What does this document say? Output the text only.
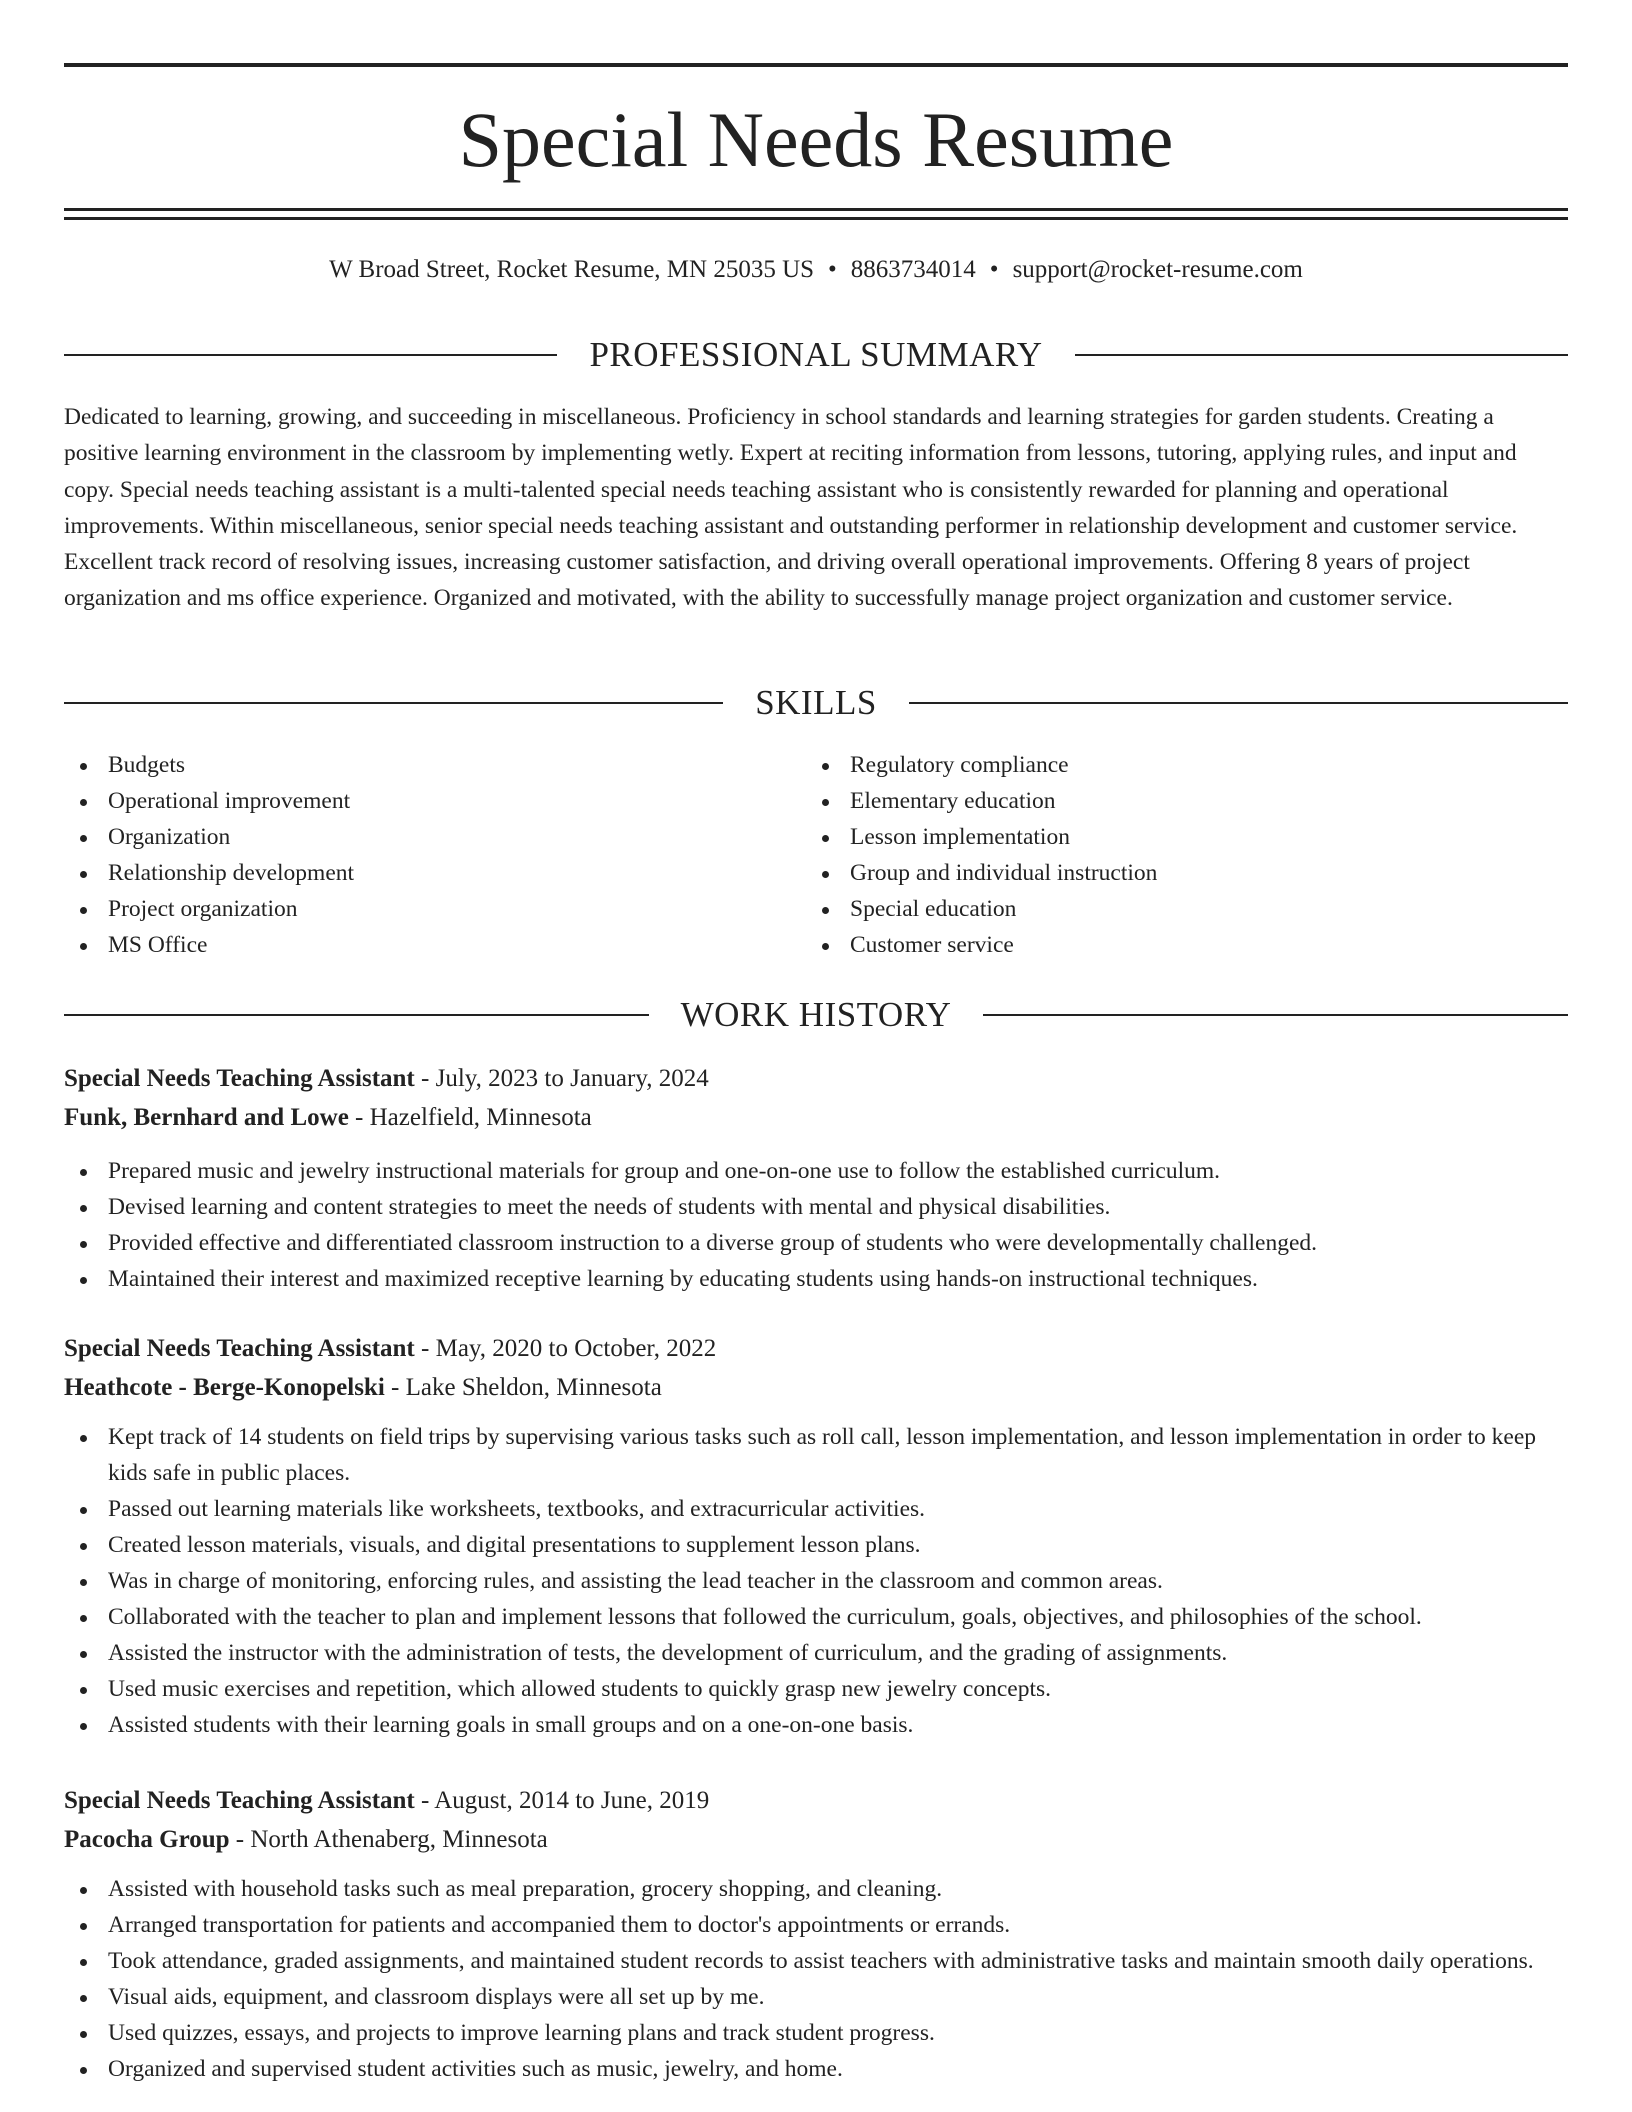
Special Needs Resume
W Broad Street, Rocket Resume, MN 25035 US • 8863734014 • support@rocket-resume.com
PROFESSIONAL SUMMARY

Dedicated to learning, growing, and succeeding in miscellaneous. Proficiency in school standards and learning strategies for garden students. Creating a positive learning environment in the classroom by implementing wetly. Expert at reciting information from lessons, tutoring, applying rules, and input and copy. Special needs teaching assistant is a multi-talented special needs teaching assistant who is consistently rewarded for planning and operational improvements. Within miscellaneous, senior special needs teaching assistant and outstanding performer in relationship development and customer service. Excellent track record of resolving issues, increasing customer satisfaction, and driving overall operational improvements. Offering 8 years of project organization and ms office experience. Organized and motivated, with the ability to successfully manage project organization and customer service.

SKILLS
Budgets
Operational improvement
Organization
Relationship development
Project organization
MS Office
Regulatory compliance
Elementary education
Lesson implementation
Group and individual instruction
Special education
Customer service
WORK HISTORY
Special Needs Teaching Assistant - July, 2023 to January, 2024
Funk, Bernhard and Lowe - Hazelfield, Minnesota
Prepared music and jewelry instructional materials for group and one-on-one use to follow the established curriculum.
Devised learning and content strategies to meet the needs of students with mental and physical disabilities.
Provided effective and differentiated classroom instruction to a diverse group of students who were developmentally challenged.
Maintained their interest and maximized receptive learning by educating students using hands-on instructional techniques.
Special Needs Teaching Assistant - May, 2020 to October, 2022
Heathcote - Berge-Konopelski - Lake Sheldon, Minnesota
Kept track of 14 students on field trips by supervising various tasks such as roll call, lesson implementation, and lesson implementation in order to keep kids safe in public places.
Passed out learning materials like worksheets, textbooks, and extracurricular activities.
Created lesson materials, visuals, and digital presentations to supplement lesson plans.
Was in charge of monitoring, enforcing rules, and assisting the lead teacher in the classroom and common areas.
Collaborated with the teacher to plan and implement lessons that followed the curriculum, goals, objectives, and philosophies of the school.
Assisted the instructor with the administration of tests, the development of curriculum, and the grading of assignments.
Used music exercises and repetition, which allowed students to quickly grasp new jewelry concepts.
Assisted students with their learning goals in small groups and on a one-on-one basis.
Special Needs Teaching Assistant - August, 2014 to June, 2019
Pacocha Group - North Athenaberg, Minnesota
Assisted with household tasks such as meal preparation, grocery shopping, and cleaning.
Arranged transportation for patients and accompanied them to doctor's appointments or errands.
Took attendance, graded assignments, and maintained student records to assist teachers with administrative tasks and maintain smooth daily operations.
Visual aids, equipment, and classroom displays were all set up by me.
Used quizzes, essays, and projects to improve learning plans and track student progress.
Organized and supervised student activities such as music, jewelry, and home.
